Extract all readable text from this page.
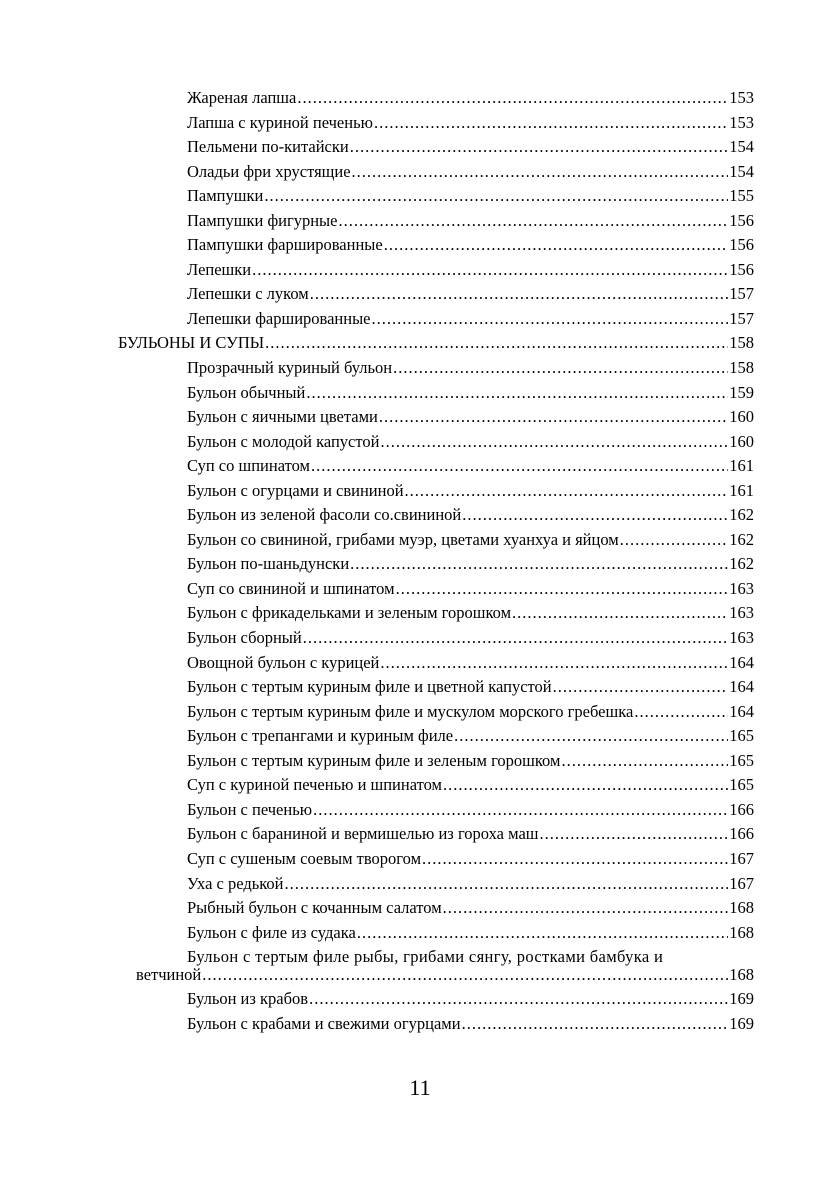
Жареная лапша .....	153
Лапша с куриной печенью .....	153
Пельмени по-китайски .....	154
Оладьи фри хрустящие .....	154
Пампушки .....	155
Пампушки фигурные .....	156
Пампушки фаршированные .....	156
Лепешки .....	156
Лепешки с луком .....	157
Лепешки фаршированные .....	157
БУЛЬОНЫ И СУПЫ .....	158
Прозрачный куриный бульон .....	158
Бульон обычный .....	159
Бульон с яичными цветами .....	160
Бульон с молодой капустой .....	160
Суп со шпинатом .....	161
Бульон с огурцами и свининой .....	161
Бульон из зеленой фасоли со.свининой .....	162
Бульон со свининой, грибами муэр, цветами хуанхуа и яйцом .....	162
Бульон по-шаньдунски .....	162
Суп со свининой и шпинатом .....	163
Бульон с фрикадельками и зеленым горошком .....	163
Бульон сборный .....	163
Овощной бульон с курицей .....	164
Бульон с тертым куриным филе и цветной капустой .....	164
Бульон с тертым куриным филе и мускулом морского гребешка .....	164
Бульон с трепангами и куриным филе .....	165
Бульон с тертым куриным филе и зеленым горошком .....	165
Суп с куриной печенью и шпинатом .....	165
Бульон с печенью .....	166
Бульон с бараниной и вермишелью из гороха маш .....	166
Суп с сушеным соевым творогом .....	167
Уха с редькой .....	167
Рыбный бульон с кочанным салатом .....	168
Бульон с филе из судака .....	168
Бульон с тертым филе рыбы, грибами сянгу, ростками бамбука и
ветчиной .....	168
Бульон из крабов .....	169
Бульон с крабами и свежими огурцами .....	169
11
